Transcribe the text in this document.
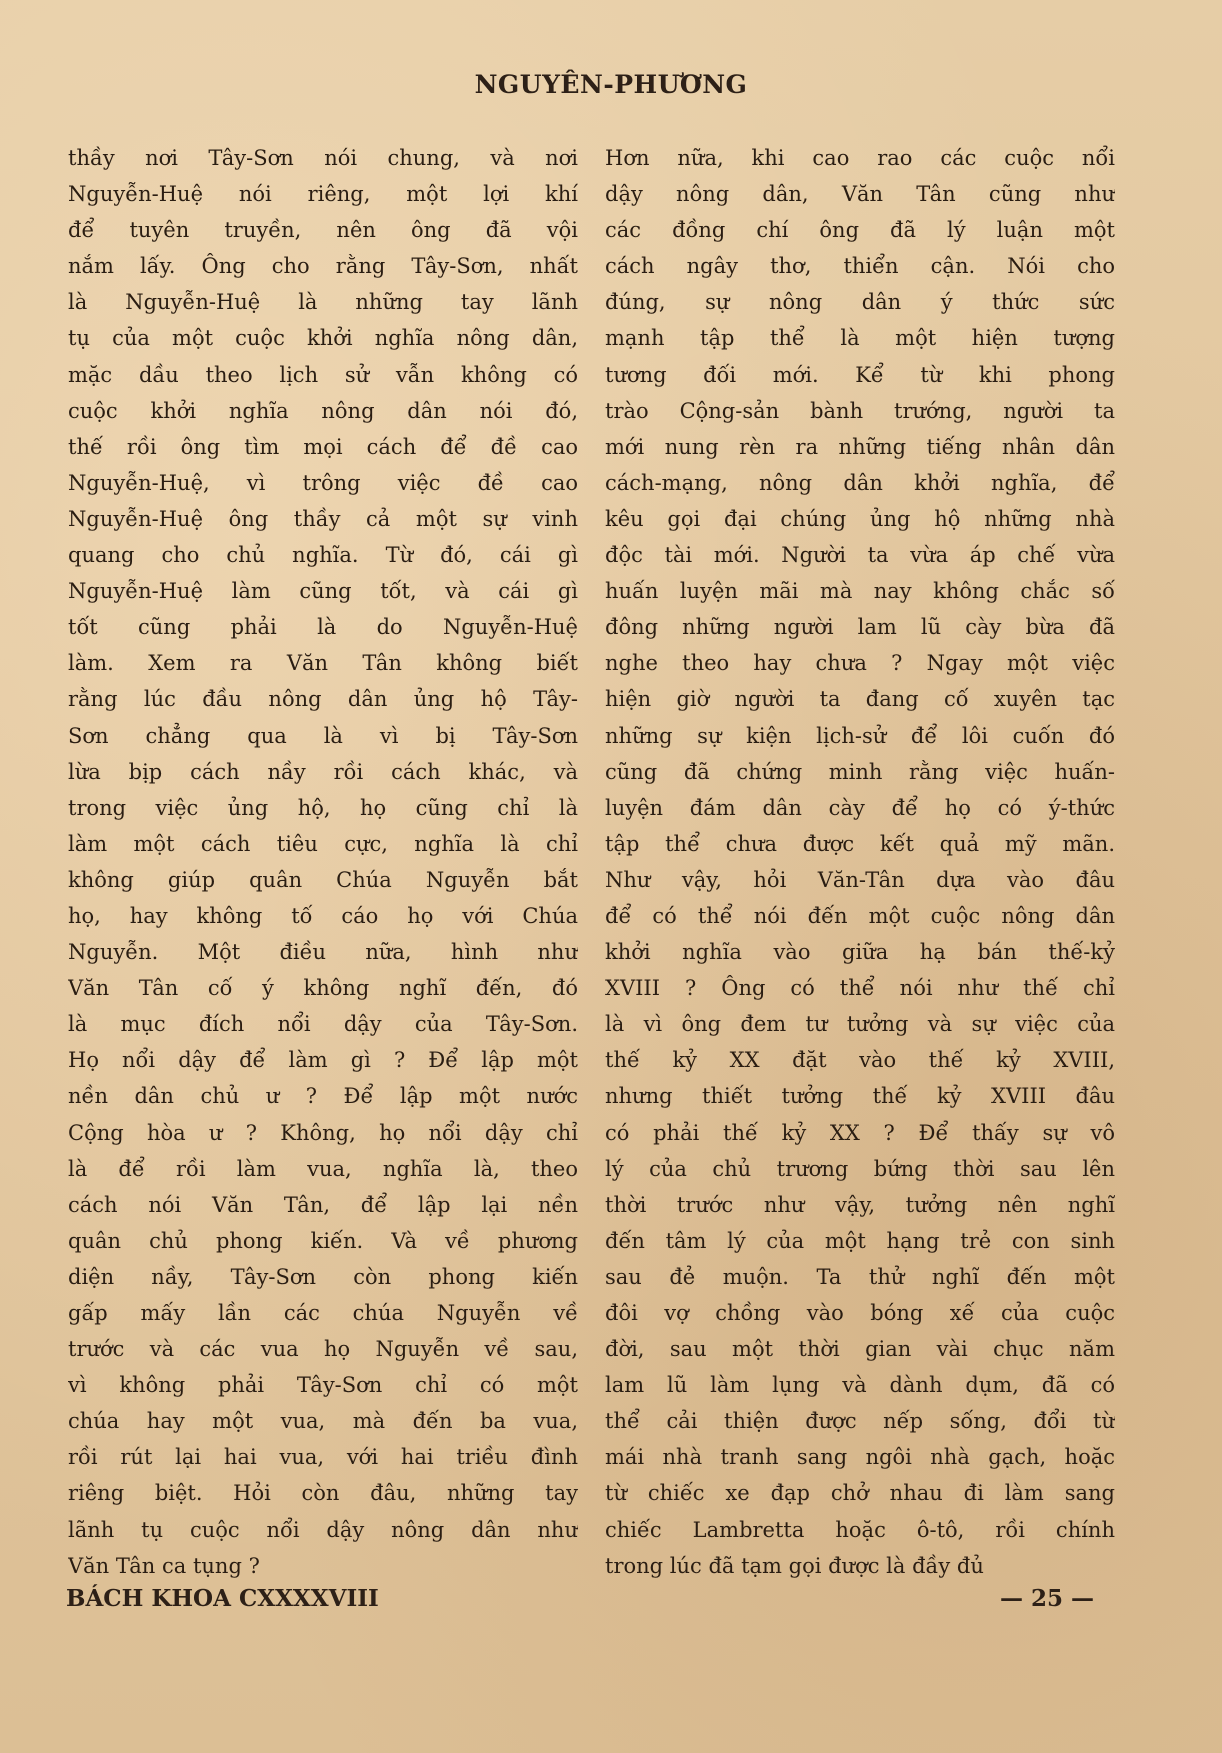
NGUYÊN-PHƯƠNG
thầy nơi Tây-Sơn nói chung, và nơi
Nguyễn-Huệ nói riêng, một lợi khí
để tuyên truyền, nên ông đã vội
nắm lấy. Ông cho rằng Tây-Sơn, nhất
là Nguyễn-Huệ là những tay lãnh
tụ của một cuộc khởi nghĩa nông dân,
mặc dầu theo lịch sử vẫn không có
cuộc khởi nghĩa nông dân nói đó,
thế rồi ông tìm mọi cách để đề cao
Nguyễn-Huệ, vì trông việc đề cao
Nguyễn-Huệ ông thầy cả một sự vinh
quang cho chủ nghĩa. Từ đó, cái gì
Nguyễn-Huệ làm cũng tốt, và cái gì
tốt cũng phải là do Nguyễn-Huệ
làm. Xem ra Văn Tân không biết
rằng lúc đầu nông dân ủng hộ Tây-
Sơn chẳng qua là vì bị Tây-Sơn
lừa bịp cách nầy rồi cách khác, và
trong việc ủng hộ, họ cũng chỉ là
làm một cách tiêu cực, nghĩa là chỉ
không giúp quân Chúa Nguyễn bắt
họ, hay không tố cáo họ với Chúa
Nguyễn. Một điều nữa, hình như
Văn Tân cố ý không nghĩ đến, đó
là mục đích nổi dậy của Tây-Sơn.
Họ nổi dậy để làm gì ? Để lập một
nền dân chủ ư ? Để lập một nước
Cộng hòa ư ? Không, họ nổi dậy chỉ
là để rồi làm vua, nghĩa là, theo
cách nói Văn Tân, để lập lại nền
quân chủ phong kiến. Và về phương
diện nầy, Tây-Sơn còn phong kiến
gấp mấy lần các chúa Nguyễn về
trước và các vua họ Nguyễn về sau,
vì không phải Tây-Sơn chỉ có một
chúa hay một vua, mà đến ba vua,
rồi rút lại hai vua, với hai triều đình
riêng biệt. Hỏi còn đâu, những tay
lãnh tụ cuộc nổi dậy nông dân như
Văn Tân ca tụng ?
Hơn nữa, khi cao rao các cuộc nổi
dậy nông dân, Văn Tân cũng như
các đồng chí ông đã lý luận một
cách ngây thơ, thiển cận. Nói cho
đúng, sự nông dân ý thức sức
mạnh tập thể là một hiện tượng
tương đối mới. Kể từ khi phong
trào Cộng-sản bành trướng, người ta
mới nung rèn ra những tiếng nhân dân
cách-mạng, nông dân khởi nghĩa, để
kêu gọi đại chúng ủng hộ những nhà
độc tài mới. Người ta vừa áp chế vừa
huấn luyện mãi mà nay không chắc số
đông những người lam lũ cày bừa đã
nghe theo hay chưa ? Ngay một việc
hiện giờ người ta đang cố xuyên tạc
những sự kiện lịch-sử để lôi cuốn đó
cũng đã chứng minh rằng việc huấn-
luyện đám dân cày để họ có ý-thức
tập thể chưa được kết quả mỹ mãn.
Như vậy, hỏi Văn-Tân dựa vào đâu
để có thể nói đến một cuộc nông dân
khởi nghĩa vào giữa hạ bán thế-kỷ
XVIII ? Ông có thể nói như thế chỉ
là vì ông đem tư tưởng và sự việc của
thế kỷ XX đặt vào thế kỷ XVIII,
nhưng thiết tưởng thế kỷ XVIII đâu
có phải thế kỷ XX ? Để thấy sự vô
lý của chủ trương bứng thời sau lên
thời trước như vậy, tưởng nên nghĩ
đến tâm lý của một hạng trẻ con sinh
sau đẻ muộn. Ta thử nghĩ đến một
đôi vợ chồng vào bóng xế của cuộc
đời, sau một thời gian vài chục năm
lam lũ làm lụng và dành dụm, đã có
thể cải thiện được nếp sống, đổi từ
mái nhà tranh sang ngôi nhà gạch, hoặc
từ chiếc xe đạp chở nhau đi làm sang
chiếc Lambretta hoặc ô-tô, rồi chính
trong lúc đã tạm gọi được là đầy đủ
BÁCH KHOA CXXXXVIII	— 25 —
